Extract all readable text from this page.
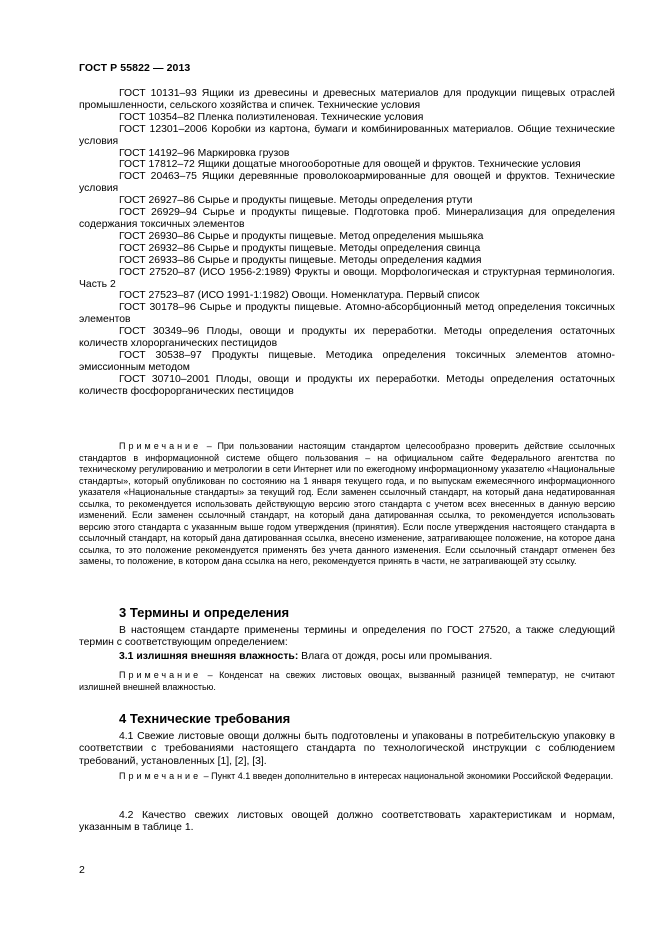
ГОСТ Р 55822 — 2013

ГОСТ 10131–93 Ящики из древесины и древесных материалов для продукции пищевых отраслей промышленности, сельского хозяйства и спичек. Технические условия

ГОСТ 10354–82 Пленка полиэтиленовая. Технические условия

ГОСТ 12301–2006 Коробки из картона, бумаги и комбинированных материалов. Общие технические условия

ГОСТ 14192–96 Маркировка грузов

ГОСТ 17812–72 Ящики дощатые многооборотные для овощей и фруктов. Технические условия

ГОСТ 20463–75 Ящики деревянные проволокоармированные для овощей и фруктов. Технические условия

ГОСТ 26927–86 Сырье и продукты пищевые. Методы определения ртути

ГОСТ 26929–94 Сырье и продукты пищевые. Подготовка проб. Минерализация для определения содержания токсичных элементов

ГОСТ 26930–86 Сырье и продукты пищевые. Метод определения мышьяка

ГОСТ 26932–86 Сырье и продукты пищевые. Методы определения свинца

ГОСТ 26933–86 Сырье и продукты пищевые. Методы определения кадмия

ГОСТ 27520–87 (ИСО 1956-2:1989) Фрукты и овощи. Морфологическая и структурная терминология. Часть 2

ГОСТ 27523–87 (ИСО 1991-1:1982) Овощи. Номенклатура. Первый список

ГОСТ 30178–96 Сырье и продукты пищевые. Атомно-абсорбционный метод определения токсичных элементов

ГОСТ 30349–96 Плоды, овощи и продукты их переработки. Методы определения остаточных количеств хлорорганических пестицидов

ГОСТ 30538–97 Продукты пищевые. Методика определения токсичных элементов атомно-эмиссионным методом

ГОСТ 30710–2001 Плоды, овощи и продукты их переработки. Методы определения остаточных количеств фосфорорганических пестицидов

Примечание – При пользовании настоящим стандартом целесообразно проверить действие ссылочных стандартов в информационной системе общего пользования – на официальном сайте Федерального агентства по техническому регулированию и метрологии в сети Интернет или по ежегодному информационному указателю «Национальные стандарты», который опубликован по состоянию на 1 января текущего года, и по выпускам ежемесячного информационного указателя «Национальные стандарты» за текущий год. Если заменен ссылочный стандарт, на который дана недатированная ссылка, то рекомендуется использовать действующую версию этого стандарта с учетом всех внесенных в данную версию изменений. Если заменен ссылочный стандарт, на который дана датированная ссылка, то рекомендуется использовать версию этого стандарта с указанным выше годом утверждения (принятия). Если после утверждения настоящего стандарта в ссылочный стандарт, на который дана датированная ссылка, внесено изменение, затрагивающее положение, на которое дана ссылка, то это положение рекомендуется применять без учета данного изменения. Если ссылочный стандарт отменен без замены, то положение, в котором дана ссылка на него, рекомендуется принять в части, не затрагивающей эту ссылку.

3 Термины и определения

В настоящем стандарте применены термины и определения по ГОСТ 27520, а также следующий термин с соответствующим определением:

3.1 излишняя внешняя влажность: Влага от дождя, росы или промывания.

Примечание – Конденсат на свежих листовых овощах, вызванный разницей температур, не считают излишней внешней влажностью.

4 Технические требования

4.1 Свежие листовые овощи должны быть подготовлены и упакованы в потребительскую упаковку в соответствии с требованиями настоящего стандарта по технологической инструкции с соблюдением требований, установленных [1], [2], [3].

Примечание – Пункт 4.1 введен дополнительно в интересах национальной экономики Российской Федерации.

4.2 Качество свежих листовых овощей должно соответствовать характеристикам и нормам, указанным в таблице 1.

2
